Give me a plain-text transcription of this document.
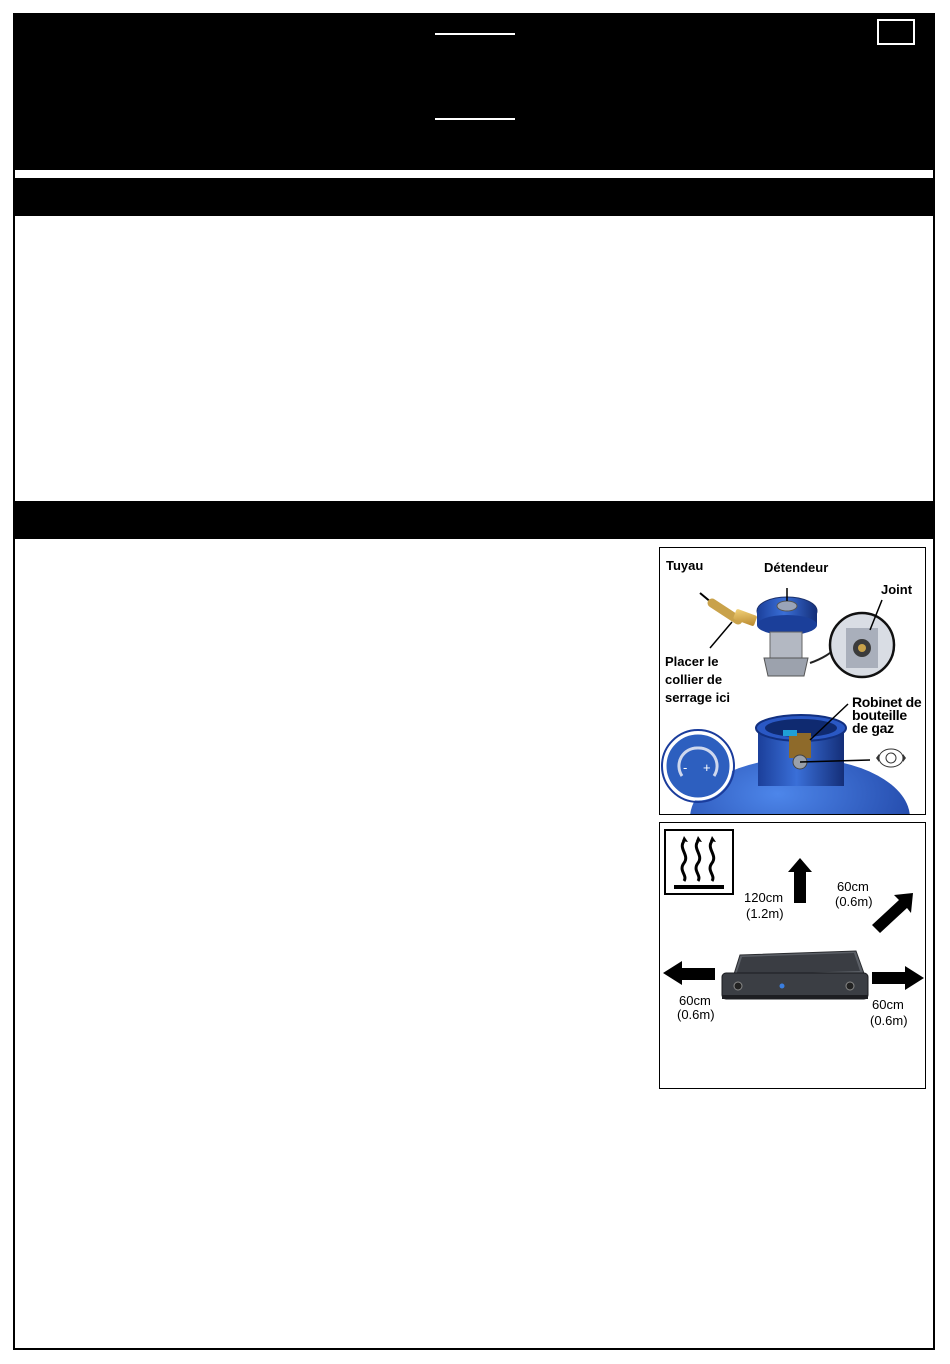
Tuyau	Détendeur
Joint
Placer le
collier de
serrage ici	Robinet de
bouteille
de gaz
- +
120cm
(1.2m)
60cm
(0.6m)
60cm
(0.6m)
60cm
(0.6m)
